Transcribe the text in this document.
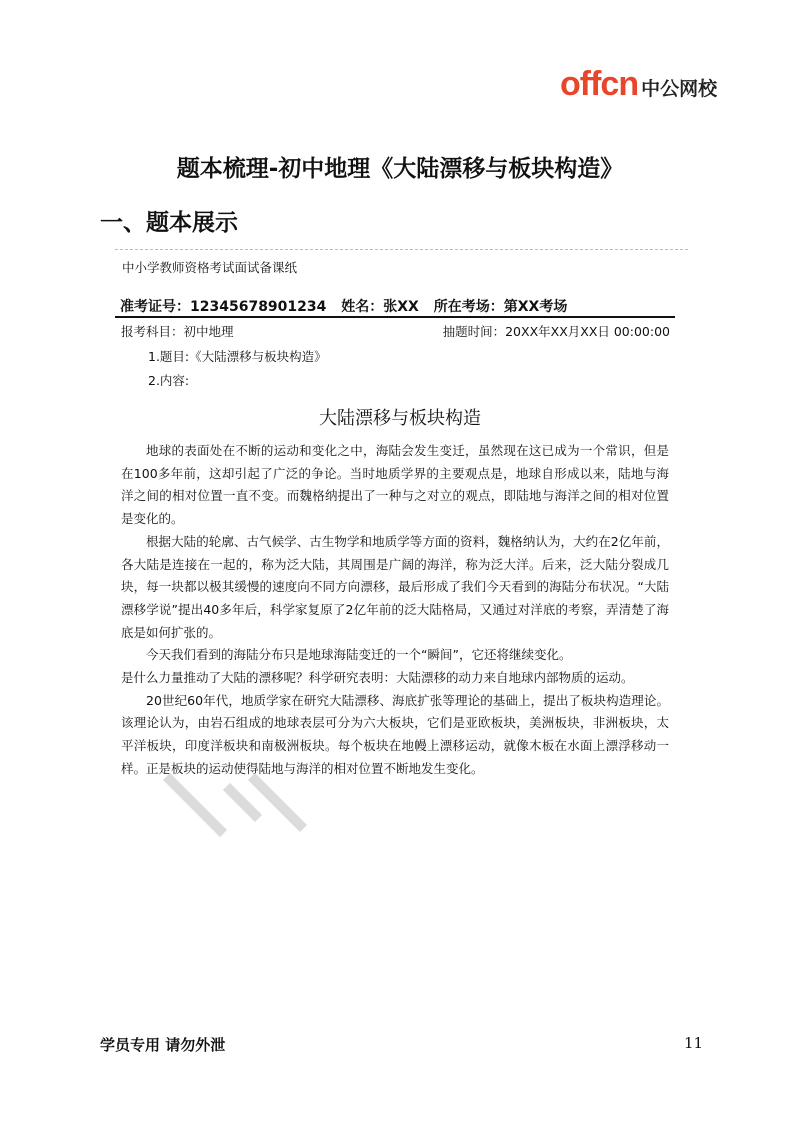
offcn 中公网校
题本梳理-初中地理《大陆漂移与板块构造》
一、题本展示
中小学教师资格考试面试备课纸
准考证号：12345678901234 姓名：张XX 所在考场：第XX考场
报考科目：初中地理	抽题时间：20XX年XX月XX日 00:00:00
1.题目:《大陆漂移与板块构造》
2.内容:
大陆漂移与板块构造

地球的表面处在不断的运动和变化之中，海陆会发生变迁，虽然现在这已成为一个常识，但是在100多年前，这却引起了广泛的争论。当时地质学界的主要观点是，地球自形成以来，陆地与海洋之间的相对位置一直不变。而魏格纳提出了一种与之对立的观点，即陆地与海洋之间的相对位置是变化的。

根据大陆的轮廓、古气候学、古生物学和地质学等方面的资料，魏格纳认为，大约在2亿年前，各大陆是连接在一起的，称为泛大陆，其周围是广阔的海洋，称为泛大洋。后来，泛大陆分裂成几块，每一块都以极其缓慢的速度向不同方向漂移，最后形成了我们今天看到的海陆分布状况。“大陆漂移学说”提出40多年后，科学家复原了2亿年前的泛大陆格局，又通过对洋底的考察，弄清楚了海底是如何扩张的。

今天我们看到的海陆分布只是地球海陆变迁的一个“瞬间”，它还将继续变化。

是什么力量推动了大陆的漂移呢？科学研究表明：大陆漂移的动力来自地球内部物质的运动。

20世纪60年代，地质学家在研究大陆漂移、海底扩张等理论的基础上，提出了板块构造理论。该理论认为，由岩石组成的地球表层可分为六大板块，它们是亚欧板块，美洲板块，非洲板块，太平洋板块，印度洋板块和南极洲板块。每个板块在地幔上漂移运动，就像木板在水面上漂浮移动一样。正是板块的运动使得陆地与海洋的相对位置不断地发生变化。

学员专用 请勿外泄	11
